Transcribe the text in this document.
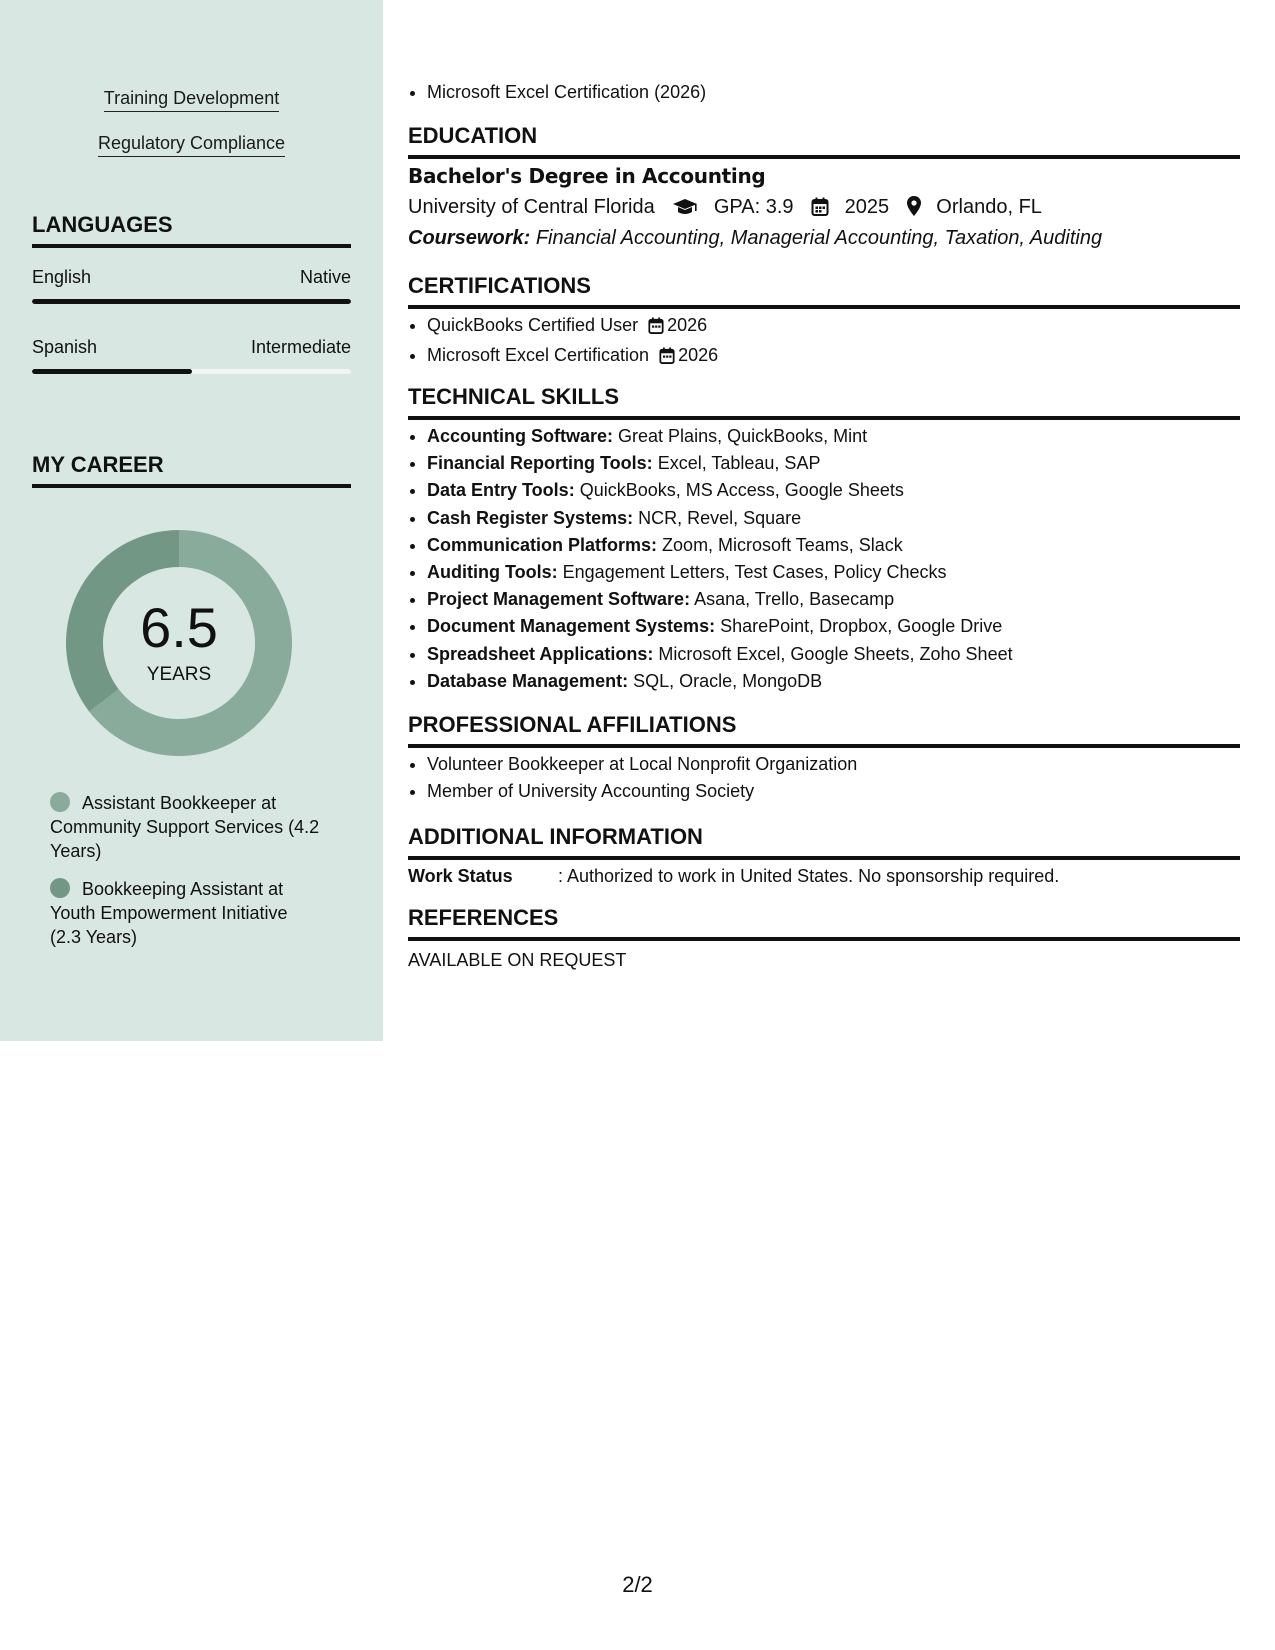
Training Development
Regulatory Compliance
LANGUAGES
English	Native
Spanish	Intermediate
MY CAREER
6.5
YEARS
Assistant Bookkeeper at Community Support Services (4.2 Years)
Bookkeeping Assistant at Youth Empowerment Initiative (2.3 Years)
• Microsoft Excel Certification (2026)
EDUCATION
Bachelor's Degree in Accounting
University of Central Florida	GPA: 3.9	2025 Orlando, FL
Coursework: Financial Accounting, Managerial Accounting, Taxation, Auditing
CERTIFICATIONS
• QuickBooks Certified User 2026
• Microsoft Excel Certification 2026
TECHNICAL SKILLS
• Accounting Software: Great Plains, QuickBooks, Mint
• Financial Reporting Tools: Excel, Tableau, SAP
• Data Entry Tools: QuickBooks, MS Access, Google Sheets
• Cash Register Systems: NCR, Revel, Square
• Communication Platforms: Zoom, Microsoft Teams, Slack
• Auditing Tools: Engagement Letters, Test Cases, Policy Checks
• Project Management Software: Asana, Trello, Basecamp
• Document Management Systems: SharePoint, Dropbox, Google Drive
• Spreadsheet Applications: Microsoft Excel, Google Sheets, Zoho Sheet
• Database Management: SQL, Oracle, MongoDB
PROFESSIONAL AFFILIATIONS
• Volunteer Bookkeeper at Local Nonprofit Organization
• Member of University Accounting Society
ADDITIONAL INFORMATION
Work Status	: Authorized to work in United States. No sponsorship required.
REFERENCES
AVAILABLE ON REQUEST
2/2
